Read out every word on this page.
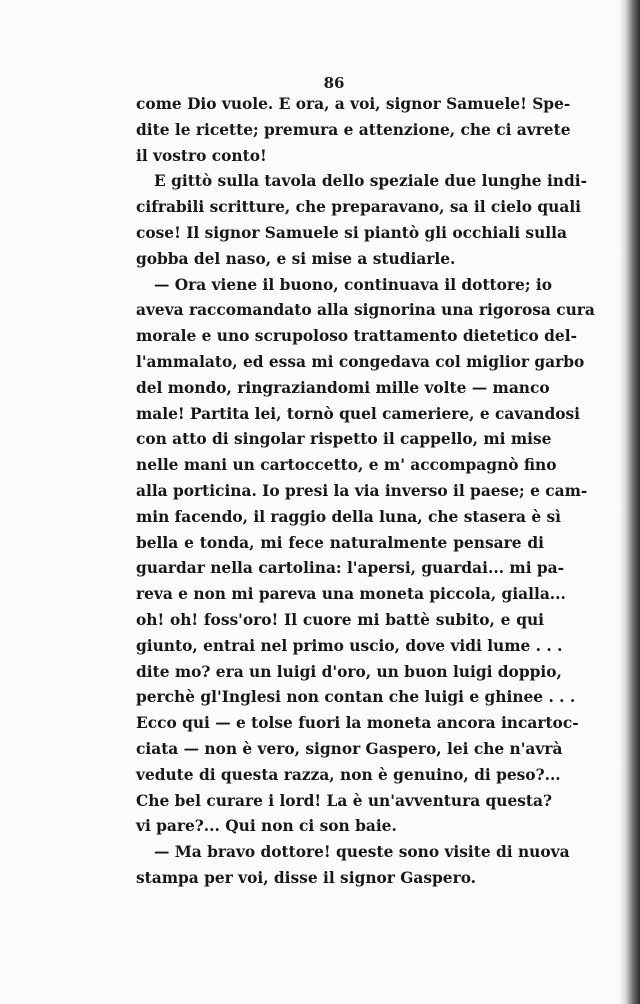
86
come Dio vuole. E ora, a voi, signor Samuele! Spe-
dite le ricette; premura e attenzione, che ci avrete
il vostro conto!
E gittò sulla tavola dello speziale due lunghe indi-
cifrabili scritture, che preparavano, sa il cielo quali
cose! Il signor Samuele si piantò gli occhiali sulla
gobba del naso, e si mise a studiarle.
— Ora viene il buono, continuava il dottore; io
aveva raccomandato alla signorina una rigorosa cura
morale e uno scrupoloso trattamento dietetico del-
l'ammalato, ed essa mi congedava col miglior garbo
del mondo, ringraziandomi mille volte — manco
male! Partita lei, tornò quel cameriere, e cavandosi
con atto di singolar rispetto il cappello, mi mise
nelle mani un cartoccetto, e m' accompagnò fino
alla porticina. Io presi la via inverso il paese; e cam-
min facendo, il raggio della luna, che stasera è sì
bella e tonda, mi fece naturalmente pensare di
guardar nella cartolina: l'apersi, guardai... mi pa-
reva e non mi pareva una moneta piccola, gialla...
oh! oh! foss'oro! Il cuore mi battè subito, e qui
giunto, entrai nel primo uscio, dove vidi lume . . .
dite mo? era un luigi d'oro, un buon luigi doppio,
perchè gl'Inglesi non contan che luigi e ghinee . . .
Ecco qui — e tolse fuori la moneta ancora incartoc-
ciata — non è vero, signor Gaspero, lei che n'avrà
vedute di questa razza, non è genuino, di peso?...
Che bel curare i lord! La è un'avventura questa?
vi pare?... Qui non ci son baie.
— Ma bravo dottore! queste sono visite di nuova
stampa per voi, disse il signor Gaspero.
